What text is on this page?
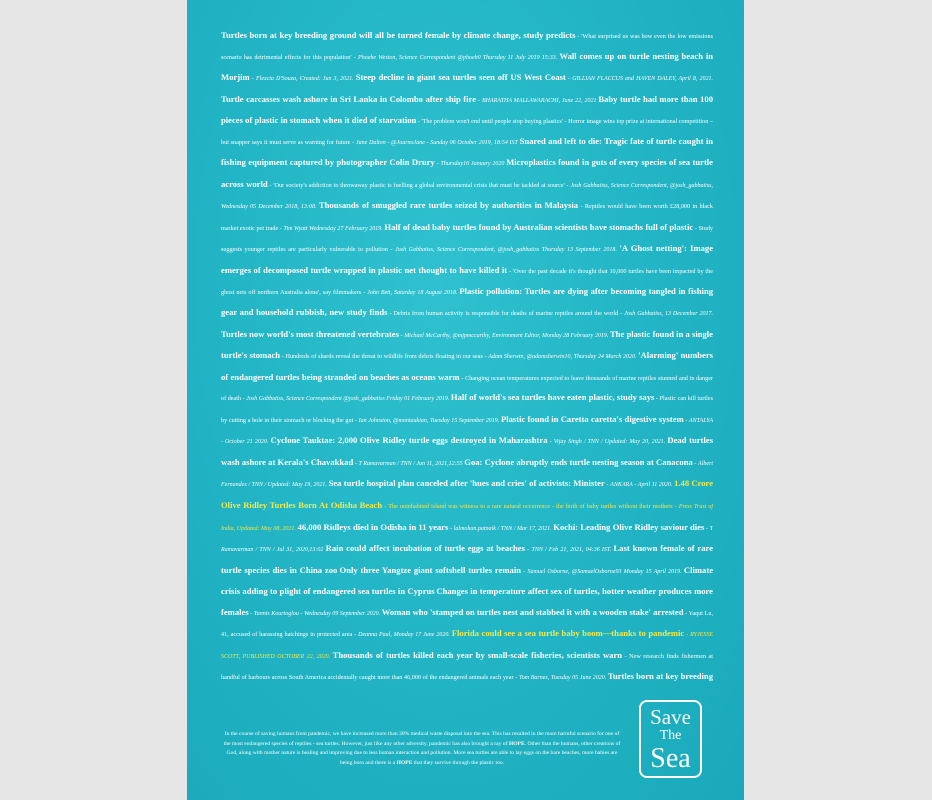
Turtles born at key breeding ground will all be turned female by climate change, study predicts - 'What surprised us was how even the low emissions scenario has detrimental effects for this population' - Phoebe Weston, Science Correspondent @phoeb0 Thursday 11 July 2019 15:33. Wall comes up on turtle nesting beach in Morjim - Flexcia D'Souza, Created: Jun 3, 2021. Steep decline in giant sea turtles seen off US West Coast - GILLIAN FLACCUS and HAVEN DALEY, April 8, 2021. Turtle carcasses wash ashore in Sri Lanka in Colombo after ship fire - BHARATHA MALLAWARACHI, June 22, 2021 Baby turtle had more than 100 pieces of plastic in stomach when it died of starvation - 'The problem won't end until people stop buying plastics' - Horror image wins top prize at international competition – but snapper says it must serve as warning for future - Jane Dalton - @JournoJane - Sunday 06 October 2019, 18:54 IST Snared and left to die: Tragic fate of turtle caught in fishing equipment captured by photographer Colin Drury - Thursday16 January 2020 Microplastics found in guts of every species of sea turtle across world - 'Our society's addiction to throwaway plastic is fuelling a global environmental crisis that must be tackled at source' - Josh Gabbatiss, Science Correspondent, @josh_gabbatiss, Wednesday 05 December 2018, 13:08. Thousands of smuggled rare turtles seized by authorities in Malaysia - Reptiles would have been worth £28,000 in black market exotic pet trade - Tim Wyatt Wednesday 27 February 2019. Half of dead baby turtles found by Australian scientists have stomachs full of plastic - Study suggests younger reptiles are particularly vulnerable to pollution - Josh Gabbatiss, Science Correspondent, @josh_gabbatiss Thursday 13 September 2018. 'A Ghost netting': Image emerges of decomposed turtle wrapped in plastic net thought to have killed it - 'Over the past decade it's thought that 10,000 turtles have been impacted by the ghost nets off northern Australia alone', say filmmakers - John Bett, Saturday 18 August 2018. Plastic pollution: Turtles are dying after becoming tangled in fishing gear and household rubbish, new study finds - Debris from human activity is responsible for deaths of marine reptiles around the world - Josh Gabbatiss, 13 December 2017. Turtles now world's most threatened vertebrates - Michael McCarthy, @mjpmccarthy, Environment Editor, Monday 28 February 2019. The plastic found in a single turtle's stomach - Hundreds of shards reveal the threat to wildlife from debris floating in our seas - Adam Sherwin, @adamsherwin10, Thursday 24 March 2020. 'Alarming' numbers of endangered turtles being stranded on beaches as oceans warm - Changing ocean temperatures expected to leave thousands of marine reptiles stunned and in danger of death - Josh Gabbatiss, Science Correspondent @josh_gabbatiss Friday 01 February 2019. Half of world's sea turtles have eaten plastic, study says - Plastic can kill turtles by cutting a hole in their stomach or blocking the gut - Ian Johnston, @montaukian, Tuesday 15 September 2019. Plastic found in Caretta caretta's digestive system - ANTALYA - October 21 2020. Cyclone Tauktae: 2,000 Olive Ridley turtle eggs destroyed in Maharashtra - Vijay Singh / TNN / Updated: May 20, 2021. Dead turtles wash ashore at Kerala's Chavakkad - T Ramavarman / TNN / Jun 11, 2021,12:55 Goa: Cyclone abruptly ends turtle nesting season at Canacona - Albert Fernandes / TNN / Updated: May 19, 2021. Sea turtle hospital plan canceled after 'hues and cries' of activists: Minister - ANKARA - April 11 2020. 1.48 Crore Olive Ridley Turtles Born At Odisha Beach - The uninhabited island was witness to a rare natural occurrence - the birth of baby turtles without their mothers - Press Trust of India, Updated: May 08, 2021. 46,000 Ridleys died in Odisha in 11 years - lalmohan.patnaik / TNN / Mar 17, 2021. Kochi: Leading Olive Ridley saviour dies - T Ramavarman / TNN / Jul 31, 2020,13:02 Rain could affect incubation of turtle eggs at beaches - TNN / Feb 21, 2021, 04:36 IST. Last known female of rare turtle species dies in China zoo Only three Yangtze giant softshell turtles remain - Samuel Osborne, @SamuelOsborne93 Monday 15 April 2019. Climate crisis adding to plight of endangered sea turtles in Cyprus Changes in temperature affect sex of turtles, hotter weather produces more females - Yannis Kourtoglou - Wednesday 09 September 2020. Woman who 'stamped on turtles nest and stabbed it with a wooden stake' arrested - Yaqut Lu, 41, accused of harassing hatchings in protected area - Deanna Paul, Monday 17 June 2020. Florida could see a sea turtle baby boom—thanks to pandemic - RYJESSE SCOTT, PUBLISHED OCTOBER 22, 2020. Thousands of turtles killed each year by small-scale fisheries, scientists warn - New research finds fishermen at handful of harbours across South America accidentally caught more than 46,000 of the endangered animals each year - Tom Barnes, Tuesday 05 June 2020. Turtles born at key breeding
In the course of saving humans from pandemic, we have increased more than 30% medical waste disposal into the sea. This has resulted in the more harmful scenario for one of the most endangered species of reptiles - sea turtles. However, just like any other adversity, pandemic has also brought a ray of HOPE. Other than the humans, other creations of God, along with mother nature is healing and improving due to less human interaction and pollution. More sea turtles are able to lay eggs on the bare beaches, more babies are being born and there is a HOPE that they survive through the plastic too.
Save
The
Sea
